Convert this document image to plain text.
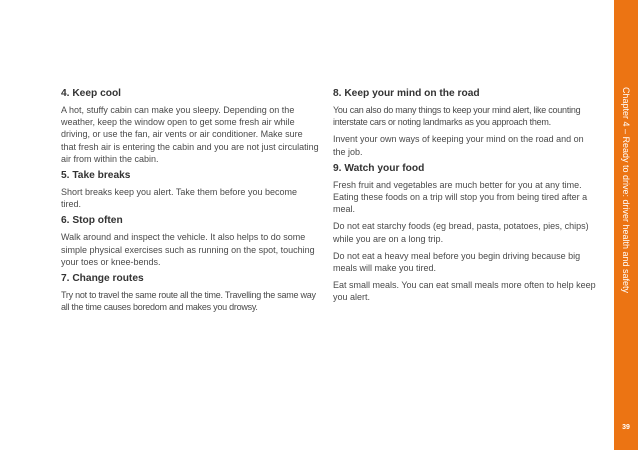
4. Keep cool

A hot, stuffy cabin can make you sleepy. Depending on the weather, keep the window open to get some fresh air while driving, or use the fan, air vents or air conditioner. Make sure that fresh air is entering the cabin and you are not just circulating air from within the cabin.

5. Take breaks

Short breaks keep you alert. Take them before you become tired.

6. Stop often

Walk around and inspect the vehicle. It also helps to do some simple physical exercises such as running on the spot, touching your toes or knee-bends.

7. Change routes

Try not to travel the same route all the time. Travelling the same way all the time causes boredom and makes you drowsy.

8. Keep your mind on the road

You can also do many things to keep your mind alert, like counting interstate cars or noting landmarks as you approach them.

Invent your own ways of keeping your mind on the road and on the job.

9. Watch your food

Fresh fruit and vegetables are much better for you at any time. Eating these foods on a trip will stop you from being tired after a meal.

Do not eat starchy foods (eg bread, pasta, potatoes, pies, chips) while you are on a long trip.

Do not eat a heavy meal before you begin driving because big meals will make you tired.

Eat small meals. You can eat small meals more often to help keep you alert.

Chapter 4 – Ready to drive: driver health and safety
39
